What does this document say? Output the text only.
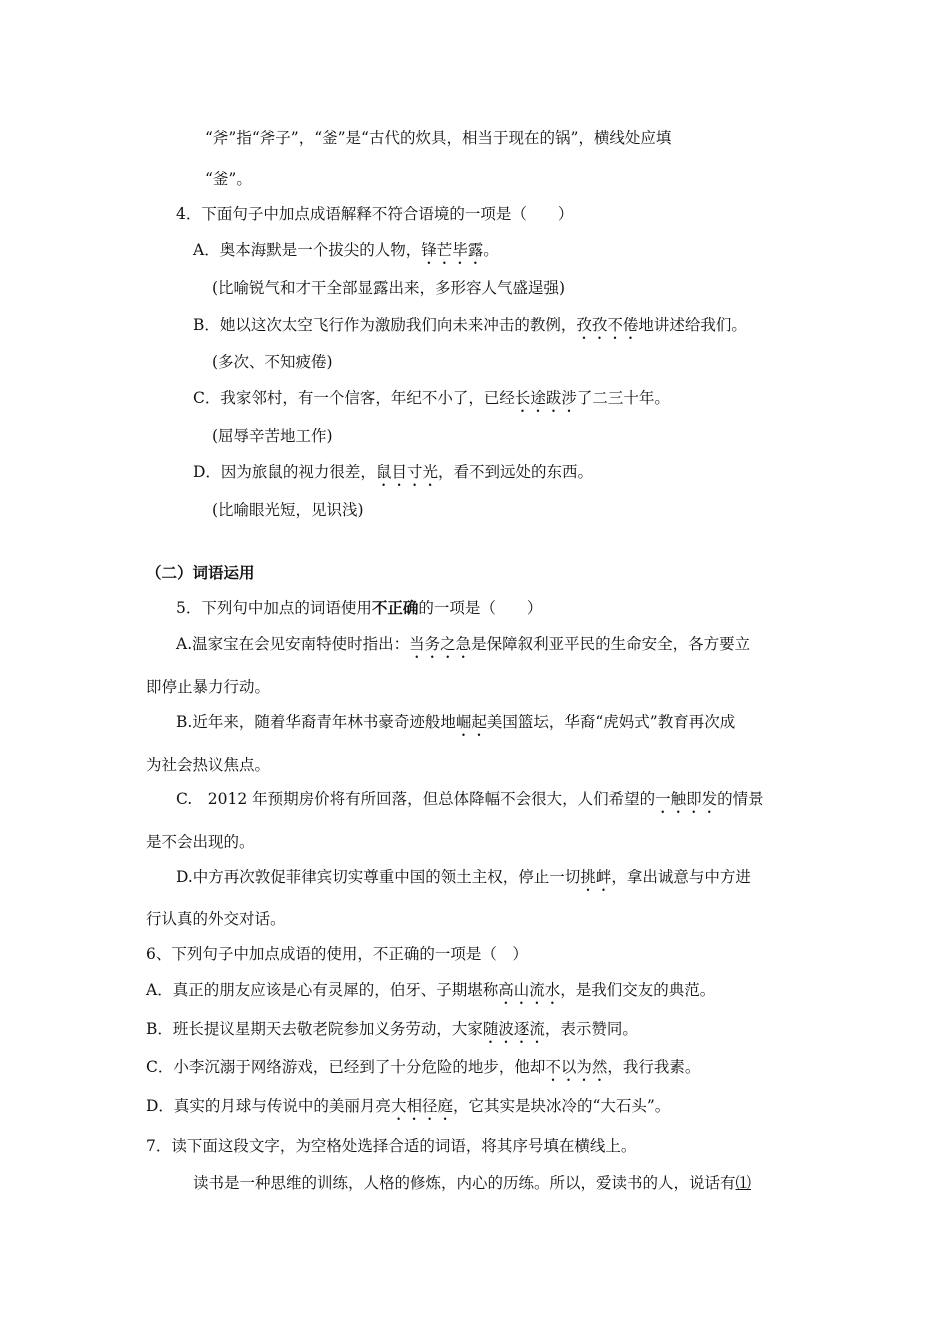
“斧”指“斧子”，“釜”是“古代的炊具，相当于现在的锅”，横线处应填
“釜”。
4．下面句子中加点成语解释不符合语境的一项是（　　）
A．奥本海默是一个拔尖的人物，锋芒毕露。
(比喻锐气和才干全部显露出来，多形容人气盛逞强)
B．她以这次太空飞行作为激励我们向未来冲击的教例，孜孜不倦地讲述给我们。
(多次、不知疲倦)
C．我家邻村，有一个信客，年纪不小了，已经长途跋涉了二三十年。
(屈辱辛苦地工作)
D．因为旅鼠的视力很差，鼠目寸光，看不到远处的东西。
(比喻眼光短，见识浅)
（二）词语运用
5．下列句中加点的词语使用不正确的一项是（　　）
A.温家宝在会见安南特使时指出：当务之急是保障叙利亚平民的生命安全，各方要立
即停止暴力行动。
B.近年来，随着华裔青年林书豪奇迹般地崛起美国篮坛，华裔“虎妈式”教育再次成
为社会热议焦点。
C.　2012 年预期房价将有所回落，但总体降幅不会很大，人们希望的一触即发的情景
是不会出现的。
D.中方再次敦促菲律宾切实尊重中国的领土主权，停止一切挑衅，拿出诚意与中方进
行认真的外交对话。
6、下列句子中加点成语的使用，不正确的一项是（　）
A．真正的朋友应该是心有灵犀的，伯牙、子期堪称高山流水，是我们交友的典范。
B．班长提议星期天去敬老院参加义务劳动，大家随波逐流，表示赞同。
C．小李沉溺于网络游戏，已经到了十分危险的地步，他却不以为然，我行我素。
D．真实的月球与传说中的美丽月亮大相径庭，它其实是块冰冷的“大石头”。
7．读下面这段文字，为空格处选择合适的词语，将其序号填在横线上。
读书是一种思维的训练，人格的修炼，内心的历练。所以，爱读书的人，说话有⑴
